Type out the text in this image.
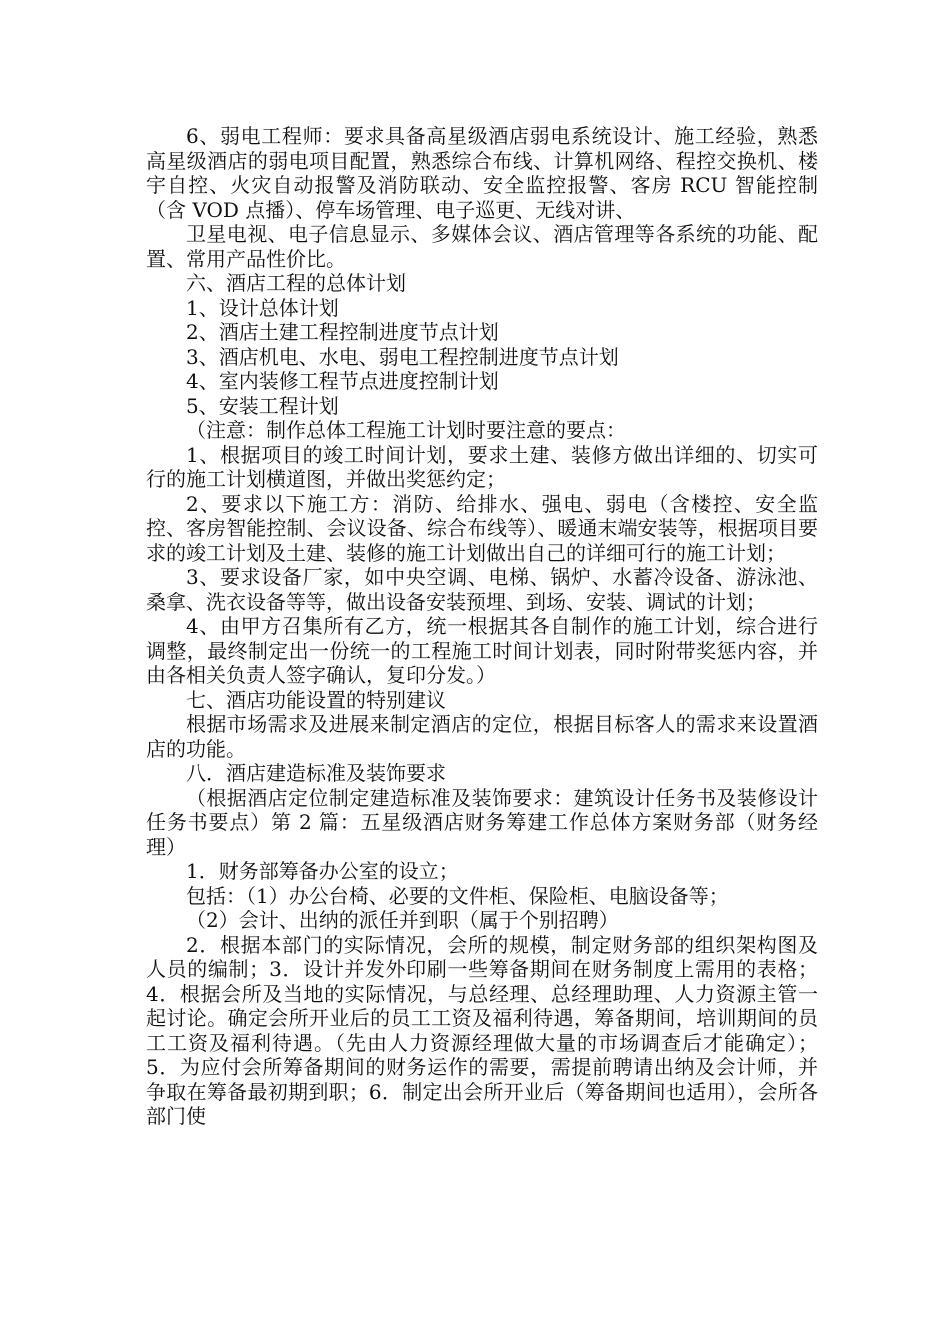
6、弱电工程师：要求具备高星级酒店弱电系统设计、施工经验，熟悉高星级酒店的弱电项目配置，熟悉综合布线、计算机网络、程控交换机、楼宇自控、火灾自动报警及消防联动、安全监控报警、客房 RCU 智能控制（含 VOD 点播）、停车场管理、电子巡更、无线对讲、

卫星电视、电子信息显示、多媒体会议、酒店管理等各系统的功能、配置、常用产品性价比。

六、酒店工程的总体计划

1、设计总体计划

2、酒店土建工程控制进度节点计划

3、酒店机电、水电、弱电工程控制进度节点计划

4、室内装修工程节点进度控制计划

5、安装工程计划

（注意：制作总体工程施工计划时要注意的要点：

1、根据项目的竣工时间计划，要求土建、装修方做出详细的、切实可行的施工计划横道图，并做出奖惩约定；

2、要求以下施工方：消防、给排水、强电、弱电（含楼控、安全监控、客房智能控制、会议设备、综合布线等）、暖通末端安装等，根据项目要求的竣工计划及土建、装修的施工计划做出自己的详细可行的施工计划；

3、要求设备厂家，如中央空调、电梯、锅炉、水蓄冷设备、游泳池、桑拿、洗衣设备等等，做出设备安装预埋、到场、安装、调试的计划；

4、由甲方召集所有乙方，统一根据其各自制作的施工计划，综合进行调整，最终制定出一份统一的工程施工时间计划表，同时附带奖惩内容，并由各相关负责人签字确认，复印分发。）

七、酒店功能设置的特别建议

根据市场需求及进展来制定酒店的定位，根据目标客人的需求来设置酒店的功能。

八．酒店建造标准及装饰要求

（根据酒店定位制定建造标准及装饰要求：建筑设计任务书及装修设计任务书要点）第 2 篇：五星级酒店财务筹建工作总体方案财务部（财务经理）

1．财务部筹备办公室的设立；

包括：（1）办公台椅、必要的文件柜、保险柜、电脑设备等；

（2）会计、出纳的派任并到职（属于个别招聘）

2．根据本部门的实际情况，会所的规模，制定财务部的组织架构图及人员的编制；3．设计并发外印刷一些筹备期间在财务制度上需用的表格； 4．根据会所及当地的实际情况，与总经理、总经理助理、人力资源主管一起讨论。确定会所开业后的员工工资及福利待遇，筹备期间，培训期间的员工工资及福利待遇。（先由人力资源经理做大量的市场调查后才能确定）；5．为应付会所筹备期间的财务运作的需要，需提前聘请出纳及会计师，并争取在筹备最初期到职；6．制定出会所开业后（筹备期间也适用），会所各部门使
